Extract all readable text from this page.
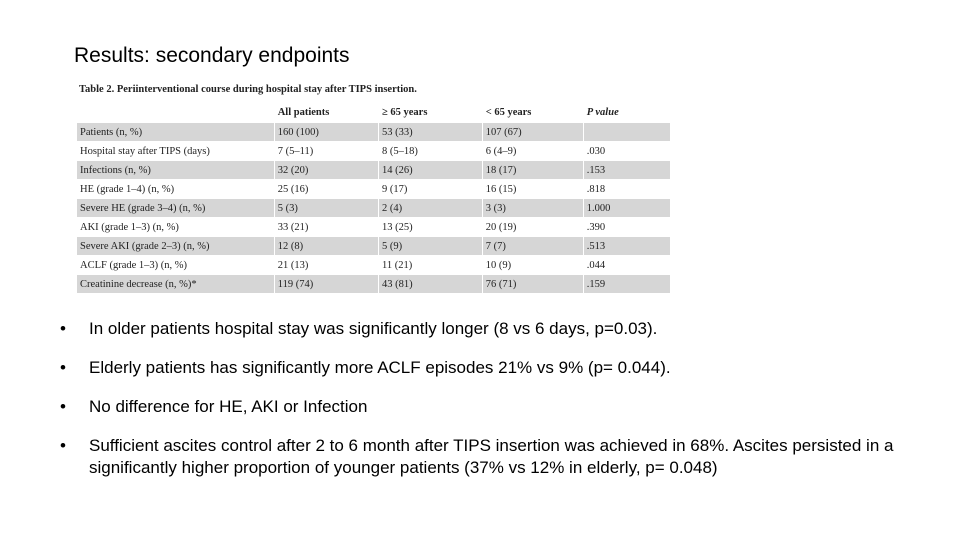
Results: secondary endpoints
Table 2. Periinterventional course during hospital stay after TIPS insertion.
	All patients	≥ 65 years	< 65 years	P value
Patients (n, %)	160 (100)	53 (33)	107 (67)	
Hospital stay after TIPS (days)	7 (5–11)	8 (5–18)	6 (4–9)	.030
Infections (n, %)	32 (20)	14 (26)	18 (17)	.153
HE (grade 1–4) (n, %)	25 (16)	9 (17)	16 (15)	.818
Severe HE (grade 3–4) (n, %)	5 (3)	2 (4)	3 (3)	1.000
AKI (grade 1–3) (n, %)	33 (21)	13 (25)	20 (19)	.390
Severe AKI (grade 2–3) (n, %)	12 (8)	5 (9)	7 (7)	.513
ACLF (grade 1–3) (n, %)	21 (13)	11 (21)	10 (9)	.044
Creatinine decrease (n, %)*	119 (74)	43 (81)	76 (71)	.159
• In older patients hospital stay was significantly longer (8 vs 6 days, p=0.03).
• Elderly patients has significantly more ACLF episodes 21% vs 9% (p= 0.044).
• No difference for HE, AKI or Infection
• Sufficient ascites control after 2 to 6 month after TIPS insertion was achieved in 68%. Ascites persisted in a significantly higher proportion of younger patients (37% vs 12% in elderly, p= 0.048)
